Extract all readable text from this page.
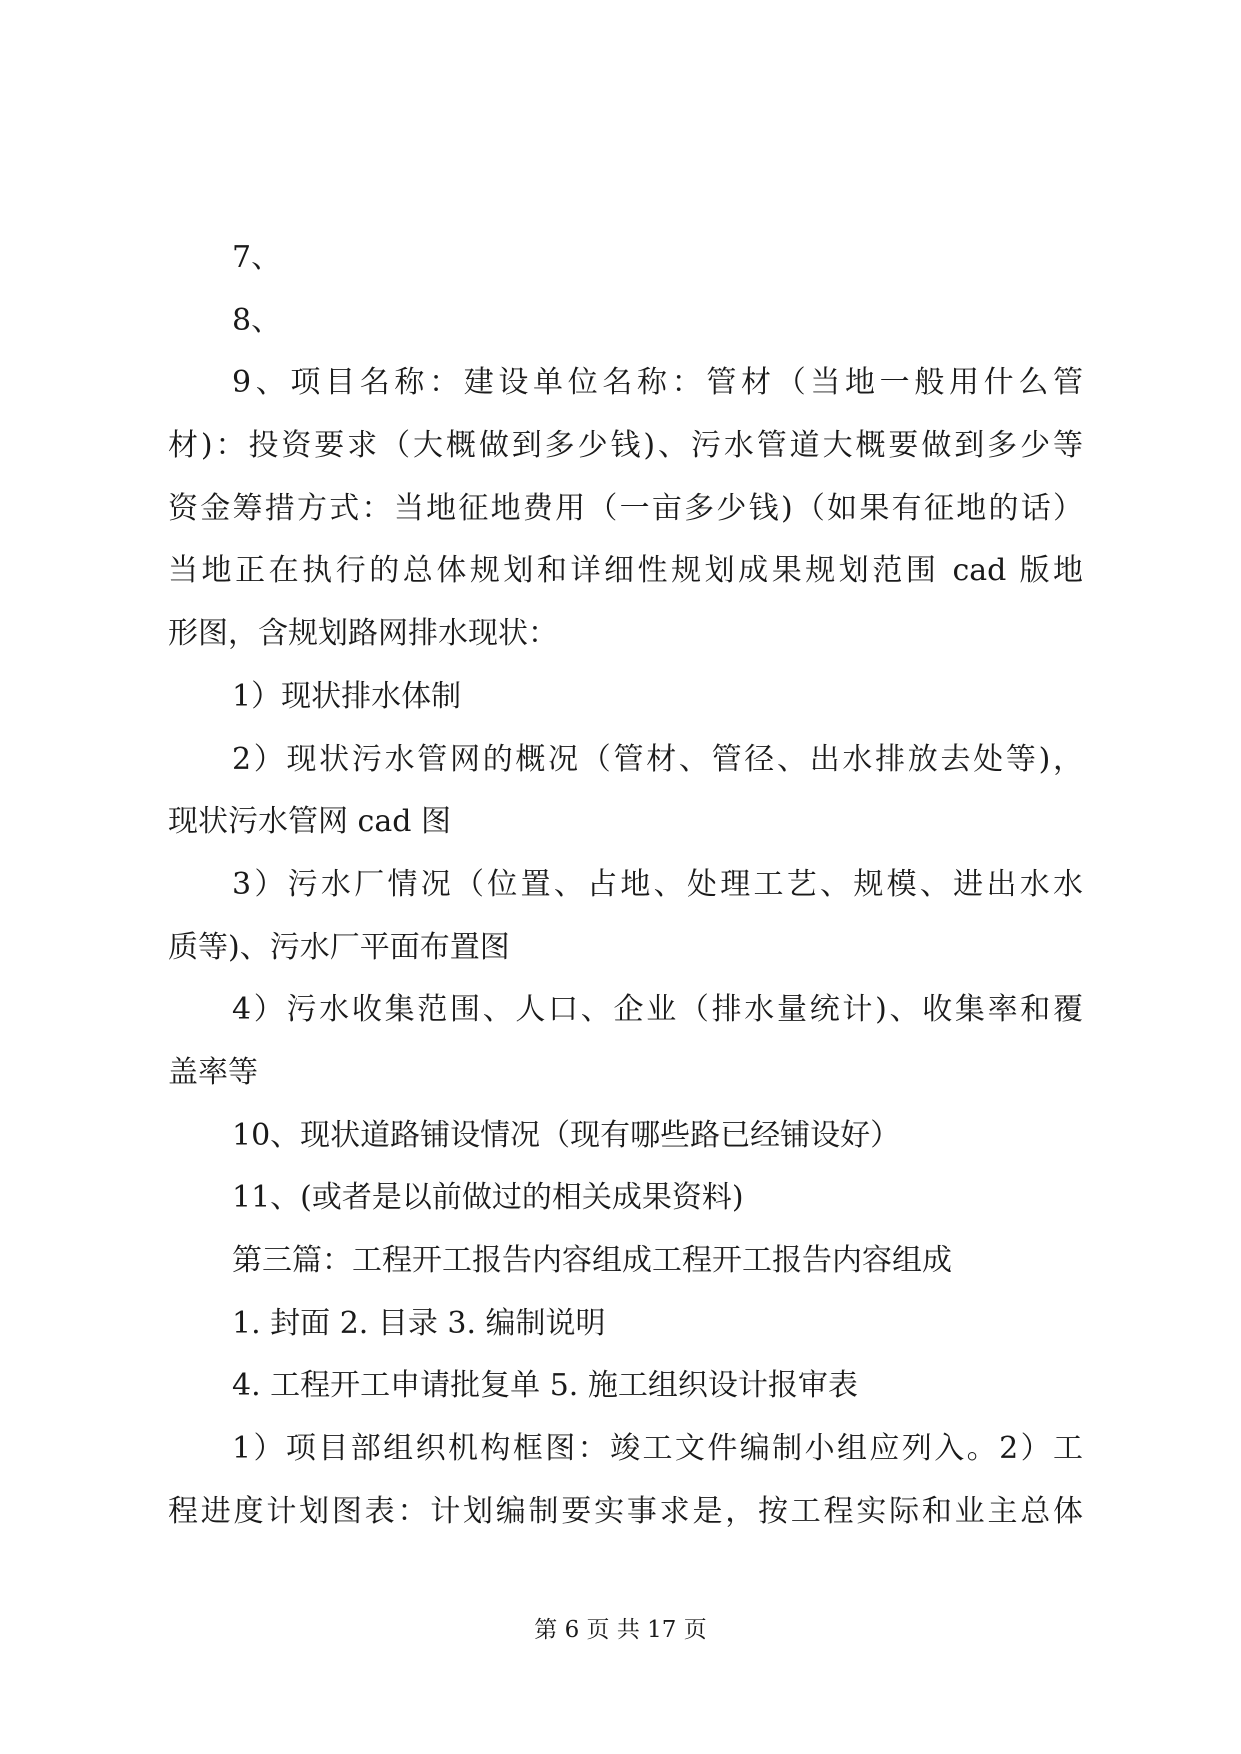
7、
8、
9、项目名称：建设单位名称：管材（当地一般用什么管
材)：投资要求（大概做到多少钱)、污水管道大概要做到多少等
资金筹措方式：当地征地费用（一亩多少钱)（如果有征地的话）
当地正在执行的总体规划和详细性规划成果规划范围 cad 版地
形图，含规划路网排水现状：
1）现状排水体制
2）现状污水管网的概况（管材、管径、出水排放去处等)，
现状污水管网 cad 图
3）污水厂情况（位置、占地、处理工艺、规模、进出水水
质等)、污水厂平面布置图
4）污水收集范围、人口、企业（排水量统计)、收集率和覆
盖率等
10、现状道路铺设情况（现有哪些路已经铺设好）
11、(或者是以前做过的相关成果资料)
第三篇：工程开工报告内容组成工程开工报告内容组成
1. 封面 2. 目录 3. 编制说明
4. 工程开工申请批复单 5. 施工组织设计报审表
1）项目部组织机构框图：竣工文件编制小组应列入。2）工
程进度计划图表：计划编制要实事求是，按工程实际和业主总体
第 6 页 共 17 页
